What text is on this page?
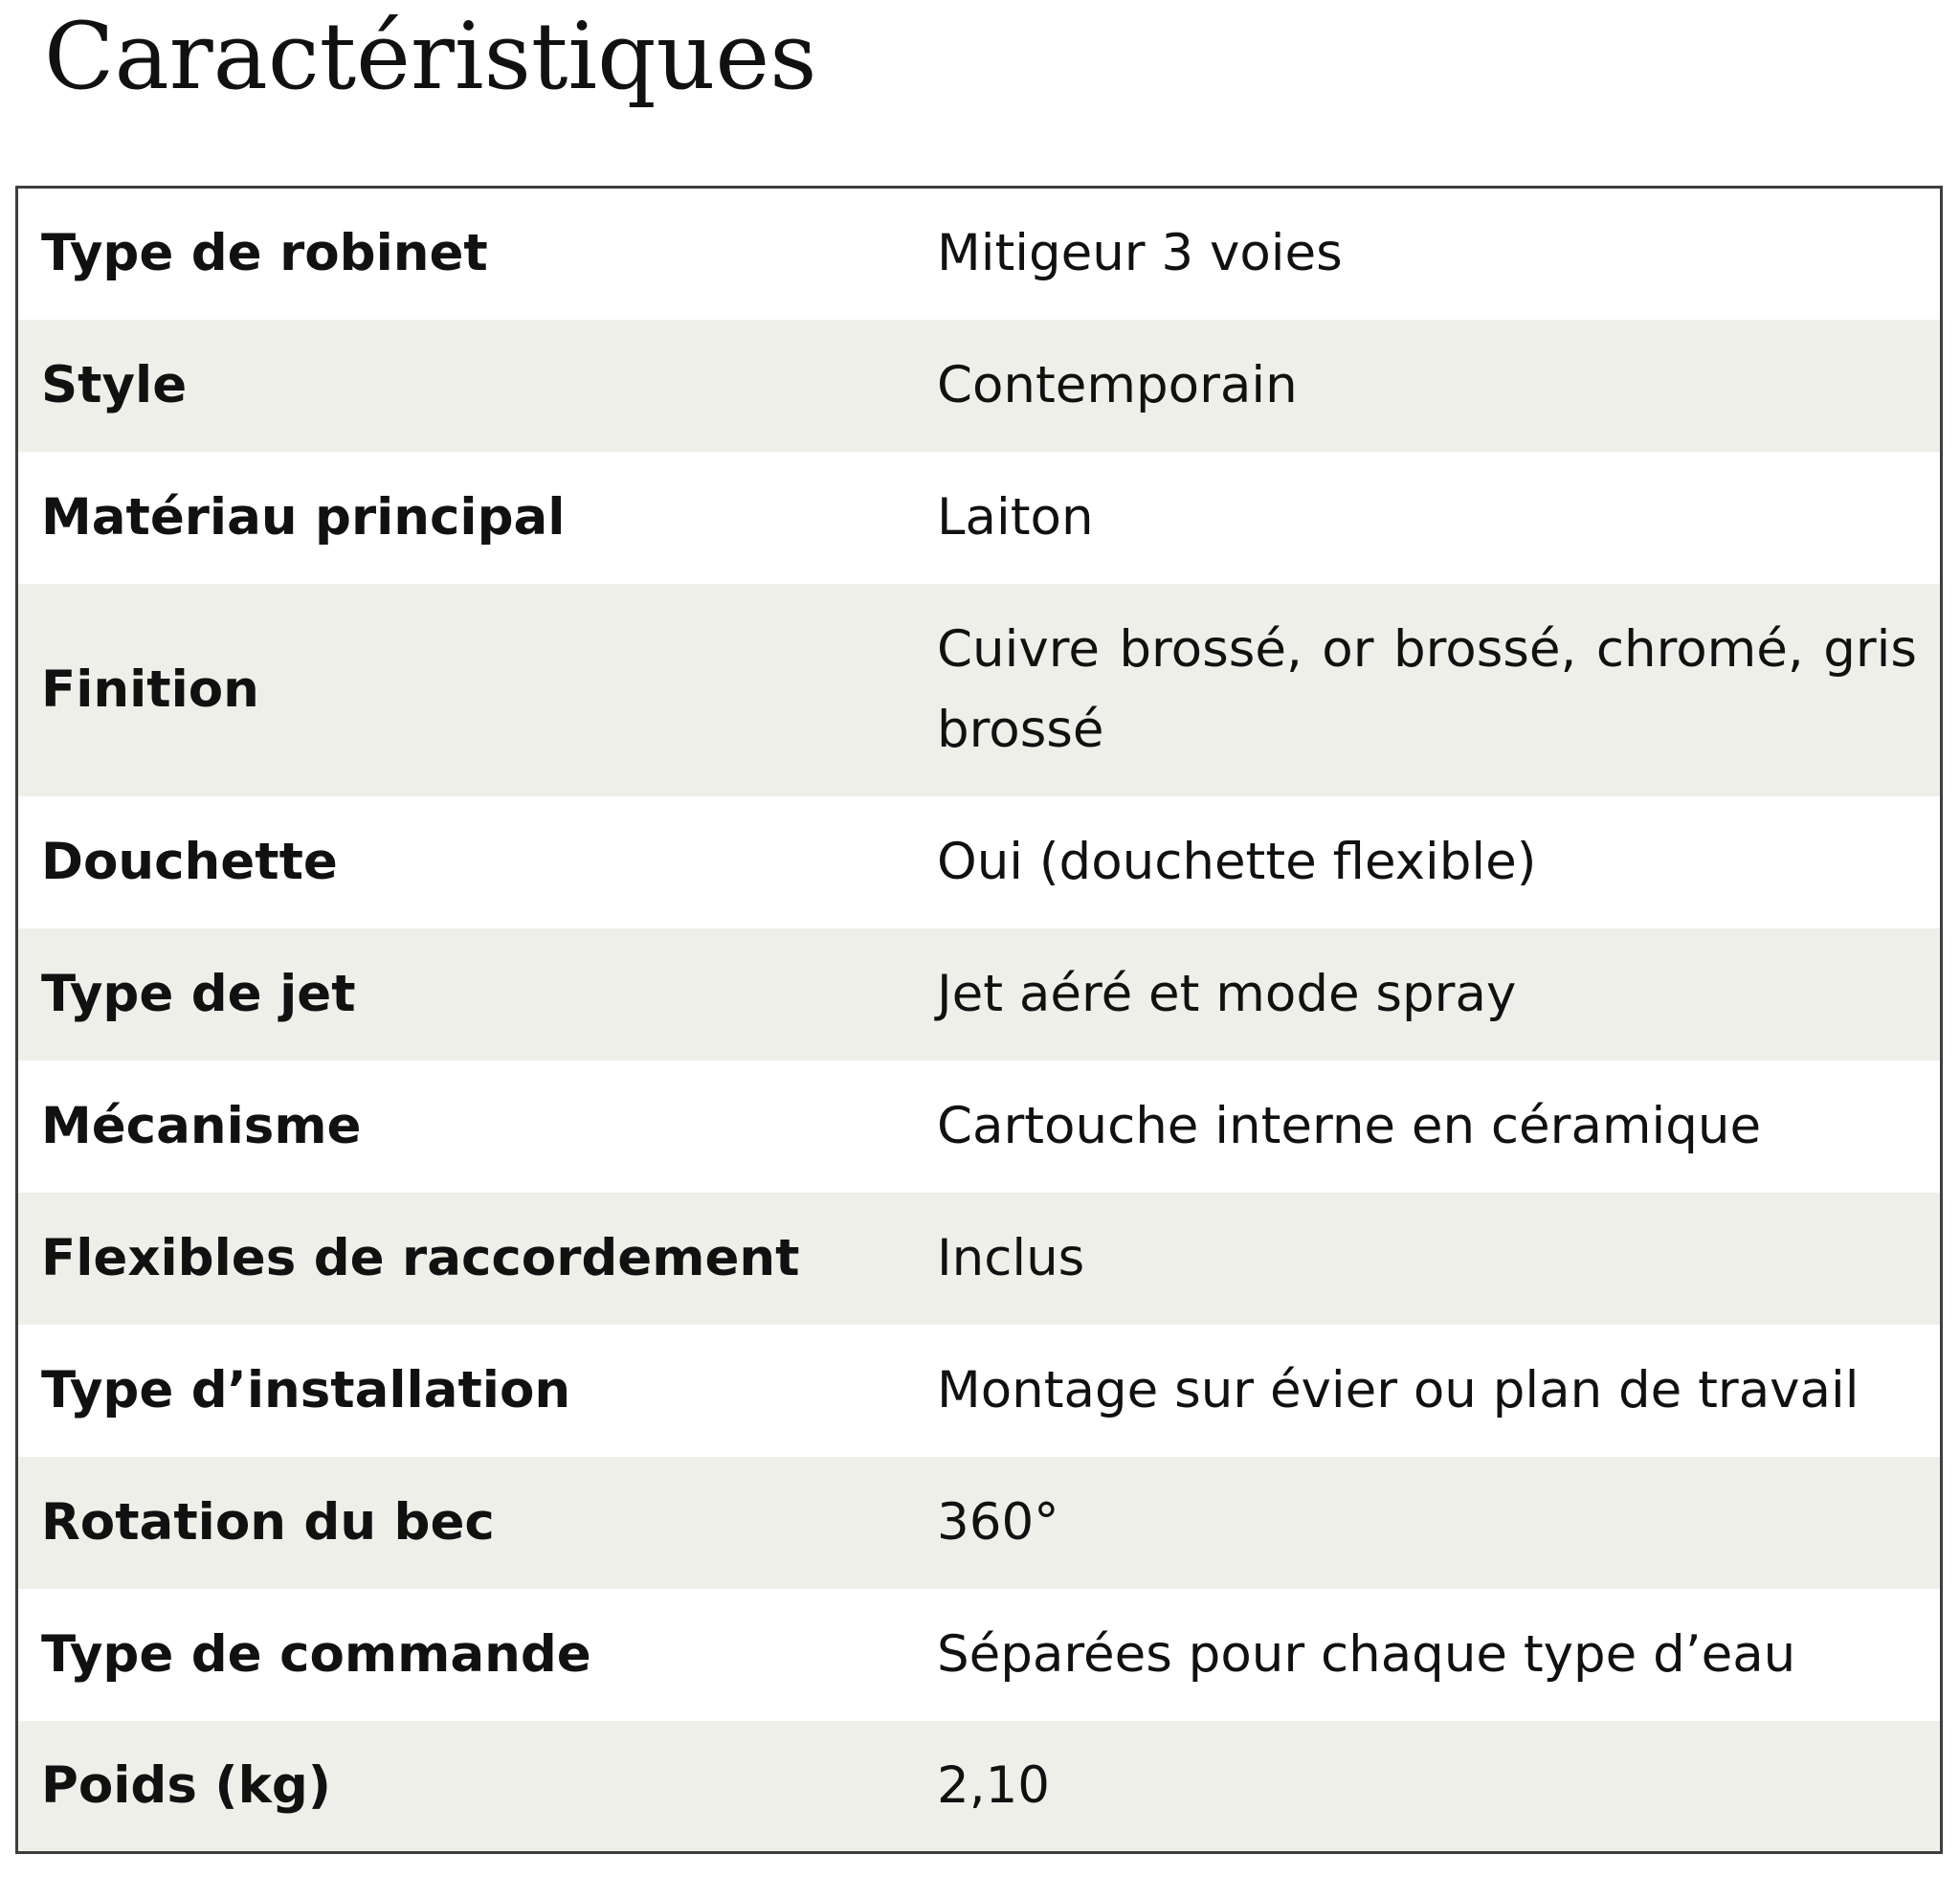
Caractéristiques
Type de robinet	Mitigeur 3 voies
Style	Contemporain
Matériau principal	Laiton
Finition	Cuivre brossé, or brossé, chromé, gris brossé
Douchette	Oui (douchette flexible)
Type de jet	Jet aéré et mode spray
Mécanisme	Cartouche interne en céramique
Flexibles de raccordement	Inclus
Type d’installation	Montage sur évier ou plan de travail
Rotation du bec	360°
Type de commande	Séparées pour chaque type d’eau
Poids (kg)	2,10
